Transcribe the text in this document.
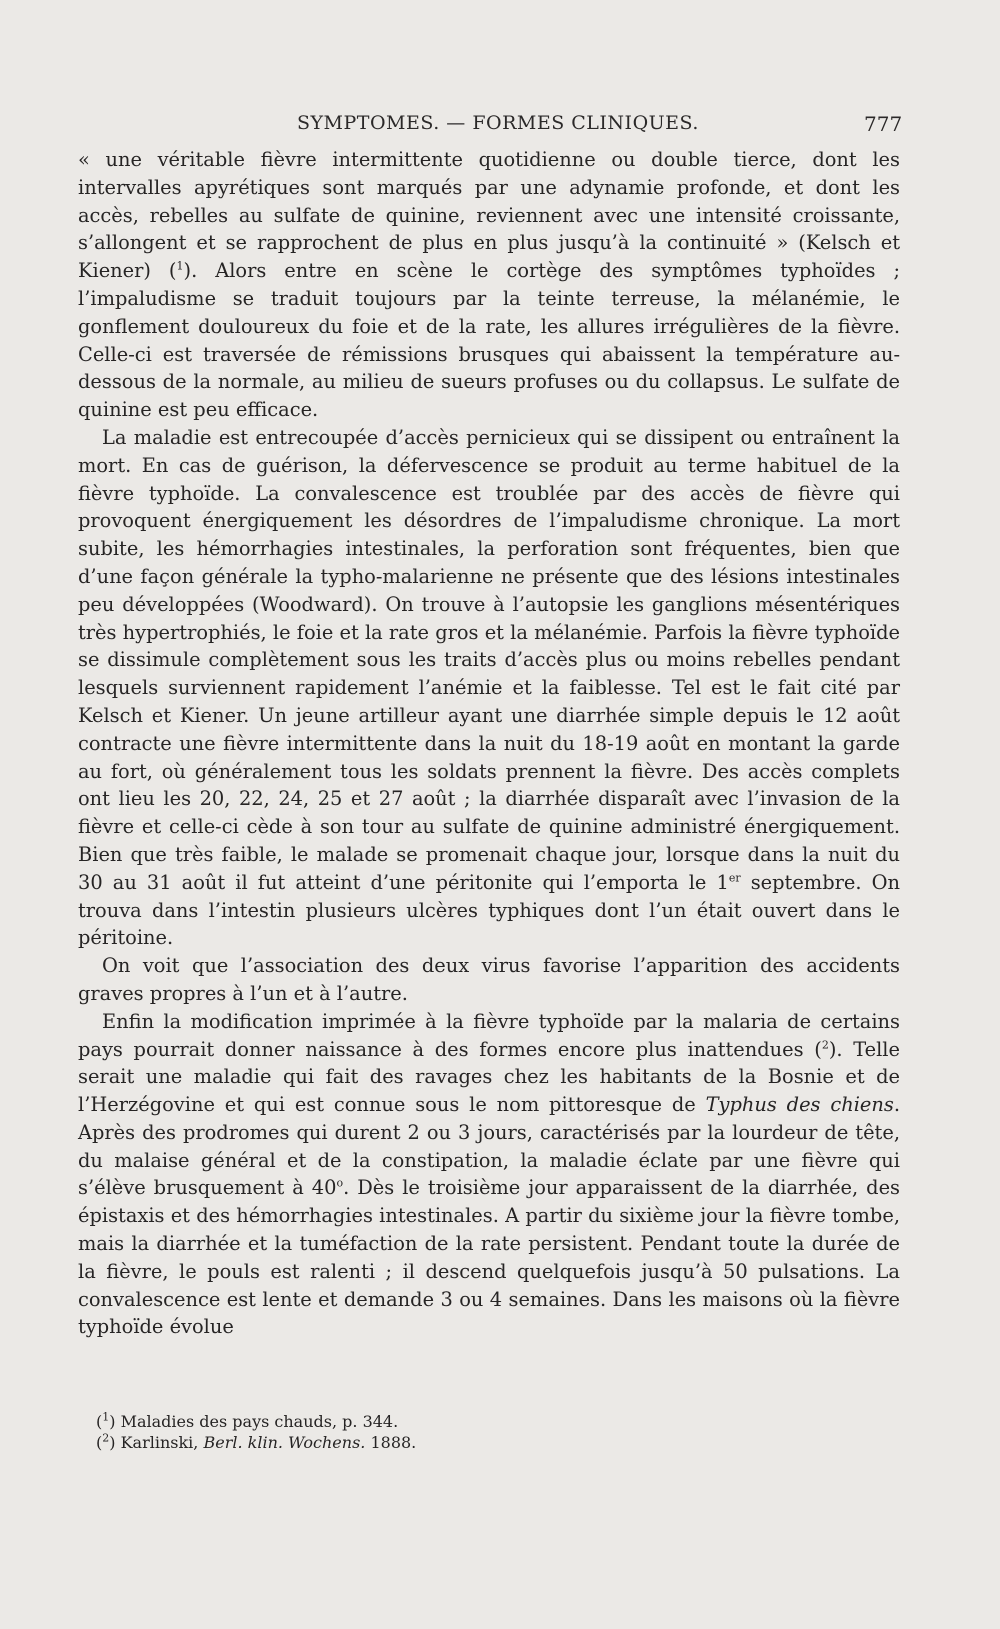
SYMPTOMES. — FORMES CLINIQUES.	777

« une véritable fièvre intermittente quotidienne ou double tierce, dont les intervalles apyrétiques sont marqués par une adynamie profonde, et dont les accès, rebelles au sulfate de quinine, reviennent avec une intensité croissante, s’allongent et se rapprochent de plus en plus jusqu’à la continuité » (Kelsch et Kiener) ($^1$). Alors entre en scène le cortège des symptômes typhoïdes ; l’impaludisme se traduit toujours par la teinte terreuse, la mélanémie, le gonflement douloureux du foie et de la rate, les allures irrégulières de la fièvre. Celle-ci est traversée de rémissions brusques qui abaissent la température au-dessous de la normale, au milieu de sueurs profuses ou du collapsus. Le sulfate de quinine est peu efficace.

La maladie est entrecoupée d’accès pernicieux qui se dissipent ou entraînent la mort. En cas de guérison, la défervescence se produit au terme habituel de la fièvre typhoïde. La convalescence est troublée par des accès de fièvre qui provoquent énergiquement les désordres de l’impaludisme chronique. La mort subite, les hémorrhagies intestinales, la perforation sont fréquentes, bien que d’une façon générale la typho-malarienne ne présente que des lésions intestinales peu développées (Woodward). On trouve à l’autopsie les ganglions mésentériques très hypertrophiés, le foie et la rate gros et la mélanémie. Parfois la fièvre typhoïde se dissimule complètement sous les traits d’accès plus ou moins rebelles pendant lesquels surviennent rapidement l’anémie et la faiblesse. Tel est le fait cité par Kelsch et Kiener. Un jeune artilleur ayant une diarrhée simple depuis le 12 août contracte une fièvre intermittente dans la nuit du 18-19 août en montant la garde au fort, où généralement tous les soldats prennent la fièvre. Des accès complets ont lieu les 20, 22, 24, 25 et 27 août ; la diarrhée disparaît avec l’invasion de la fièvre et celle-ci cède à son tour au sulfate de quinine administré énergiquement. Bien que très faible, le malade se promenait chaque jour, lorsque dans la nuit du 30 au 31 août il fut atteint d’une péritonite qui l’emporta le 1er septembre. On trouva dans l’intestin plusieurs ulcères typhiques dont l’un était ouvert dans le péritoine.

On voit que l’association des deux virus favorise l’apparition des accidents graves propres à l’un et à l’autre.

Enfin la modification imprimée à la fièvre typhoïde par la malaria de certains pays pourrait donner naissance à des formes encore plus inattendues ($^2$). Telle serait une maladie qui fait des ravages chez les habitants de la Bosnie et de l’Herzégovine et qui est connue sous le nom pittoresque de Typhus des chiens. Après des prodromes qui durent 2 ou 3 jours, caractérisés par la lourdeur de tête, du malaise général et de la constipation, la maladie éclate par une fièvre qui s’élève brusquement à 40$^o$. Dès le troisième jour apparaissent de la diarrhée, des épistaxis et des hémorrhagies intestinales. A partir du sixième jour la fièvre tombe, mais la diarrhée et la tuméfaction de la rate persistent. Pendant toute la durée de la fièvre, le pouls est ralenti ; il descend quelquefois jusqu’à 50 pulsations. La convalescence est lente et demande 3 ou 4 semaines. Dans les maisons où la fièvre typhoïde évolue

($^1$) Maladies des pays chauds, p. 344.
($^2$) Karlinski, Berl. klin. Wochens. 1888.
